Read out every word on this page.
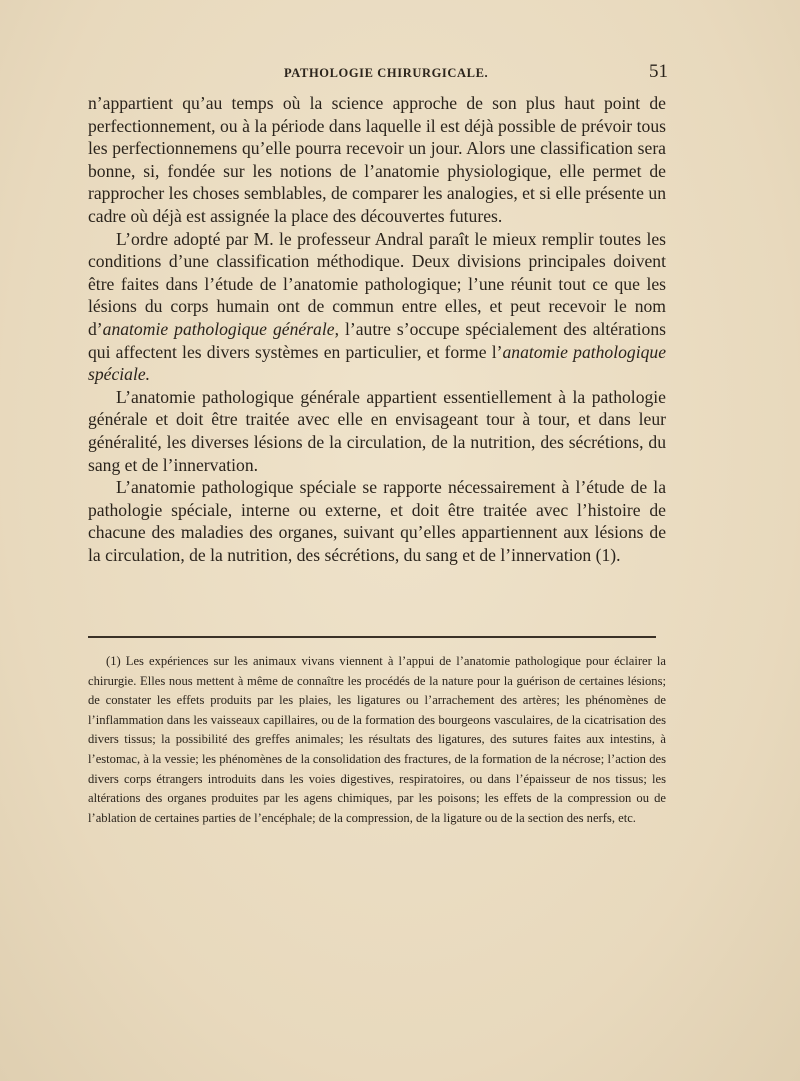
PATHOLOGIE CHIRURGICALE.	51

n’appartient qu’au temps où la science approche de son plus haut point de perfectionnement, ou à la période dans laquelle il est déjà possible de prévoir tous les perfectionnemens qu’elle pourra recevoir un jour. Alors une classification sera bonne, si, fondée sur les notions de l’anatomie physiologique, elle permet de rapprocher les choses semblables, de comparer les analogies, et si elle présente un cadre où déjà est assignée la place des découvertes futures.

L’ordre adopté par M. le professeur Andral paraît le mieux remplir toutes les conditions d’une classification méthodique. Deux divisions principales doivent être faites dans l’étude de l’anatomie pathologique; l’une réunit tout ce que les lésions du corps humain ont de commun entre elles, et peut recevoir le nom d’anatomie pathologique générale, l’autre s’occupe spécialement des altérations qui affectent les divers systèmes en particulier, et forme l’anatomie pathologique spéciale.

L’anatomie pathologique générale appartient essentiellement à la pathologie générale et doit être traitée avec elle en envisageant tour à tour, et dans leur généralité, les diverses lésions de la circulation, de la nutrition, des sécrétions, du sang et de l’innervation.

L’anatomie pathologique spéciale se rapporte nécessairement à l’étude de la pathologie spéciale, interne ou externe, et doit être traitée avec l’histoire de chacune des maladies des organes, suivant qu’elles appartiennent aux lésions de la circulation, de la nutrition, des sécrétions, du sang et de l’innervation (1).

(1) Les expériences sur les animaux vivans viennent à l’appui de l’anatomie pathologique pour éclairer la chirurgie. Elles nous mettent à même de connaître les procédés de la nature pour la guérison de certaines lésions; de constater les effets produits par les plaies, les ligatures ou l’arrachement des artères; les phénomènes de l’inflammation dans les vaisseaux capillaires, ou de la formation des bourgeons vasculaires, de la cicatrisation des divers tissus; la possibilité des greffes animales; les résultats des ligatures, des sutures faites aux intestins, à l’estomac, à la vessie; les phénomènes de la consolidation des fractures, de la formation de la nécrose; l’action des divers corps étrangers introduits dans les voies digestives, respiratoires, ou dans l’épaisseur de nos tissus; les altérations des organes produites par les agens chimiques, par les poisons; les effets de la compression ou de l’ablation de certaines parties de l’encéphale; de la compression, de la ligature ou de la section des nerfs, etc.
